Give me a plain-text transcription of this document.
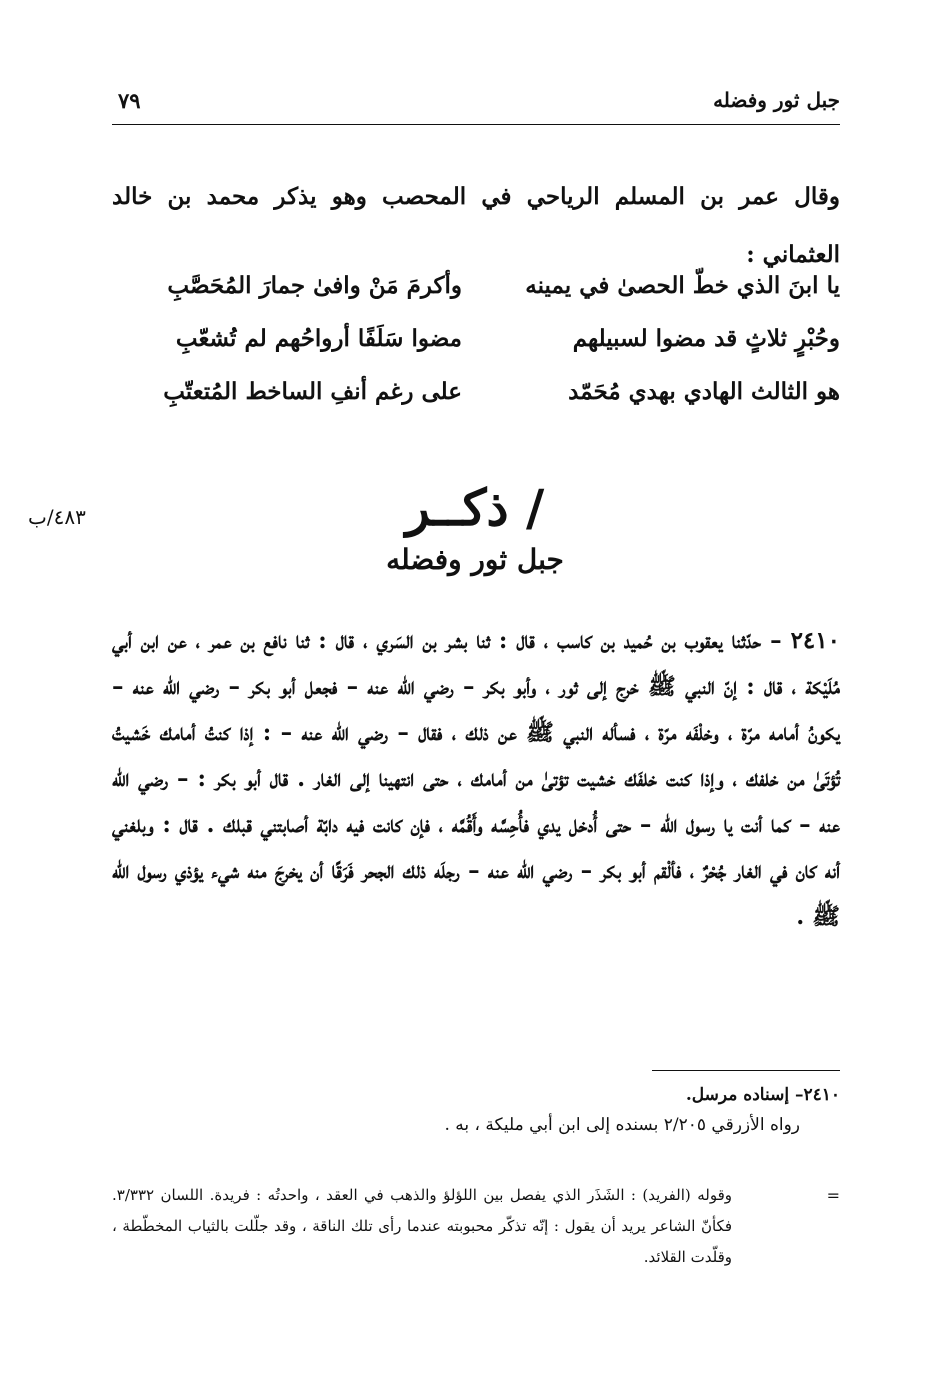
جبل ثور وفضله
٧٩
وقال عمر بن المسلم الرياحي في المحصب وهو يذكر محمد بن خالد العثماني :
يا ابنَ الذي خطّ الحصىٰ في يمينه
وأكرمَ مَنْ وافىٰ جمارَ المُحَصَّبِ
وحُبْرٍ ثلاثٍ قد مضوا لسبيلهم
مضوا سَلَفًا أرواحُهم لم تُشعّبِ
هو الثالث الهادي بهدي مُحَمّد
على رغم أنفِ الساخط المُتعتّبِ
٤٨٣/ب	/ ذكــر
جبل ثور وفضله
٢٤١٠ – حدّثنا يعقوب بن حُميد بن كاسب ، قال : ثنا بشر بن السَري ، قال : ثنا نافع بن عمر ، عن ابن أبي مُلَيْكة ، قال : إنّ النبي ﷺ خرج إلى ثور ، وأبو بكر – رضي الله عنه – فجعل أبو بكر – رضي الله عنه – يكونُ أمامه مرّة ، وخلْفَه مرّة ، فسأله النبي ﷺ عن ذلك ، فقال – رضي الله عنه – : إذا كنتُ أمامك خَشيتُ تُؤتَىٰ من خلفك ، وإذا كنت خلفَك خشيت تؤتىٰ من أمامك ، حتى انتهينا إلى الغار . قال أبو بكر : – رضي الله عنه – كما أنت يا رسول الله – حتى أُدخل يدي فأُحِسَّه وأَقُمَّه ، فإن كانت فيه دابّة أصابتني قبلك . قال : وبلغني أنه كان في الغار جُحْرٌ ، فألْقم أبو بكر – رضي الله عنه – رجلَه ذلك الجحر فَرَقًا أن يخرجَ منه شيء يؤذي رسول الله ﷺ .
٢٤١٠– إسناده مرسل.
رواه الأزرقي ٢/٢٠٥ بسنده إلى ابن أبي مليكة ، به .
=
وقوله (الفريد) : الشَذَر الذي يفصل بين اللؤلؤ والذهب في العقد ، واحدتُه : فريدة. اللسان ٣/٣٣٢. فكأنّ الشاعر يريد أن يقول : إنّه تذكّر محبوبته عندما رأى تلك الناقة ، وقد جلّلت بالثياب المخطّطة ، وقلّدت القلائد.
